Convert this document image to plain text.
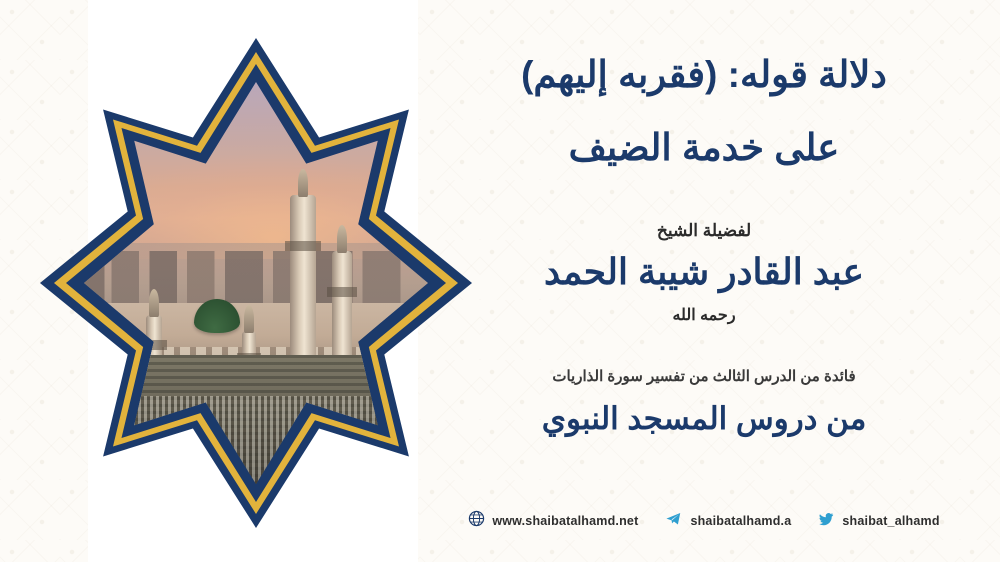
دلالة قوله: (فقربه إليهم)
على خدمة الضيف
لفضيلة الشيخ
عبد القادر شيبة الحمد
رحمه الله
فائدة من الدرس الثالث من تفسير سورة الذاريات
من دروس المسجد النبوي
www.shaibatalhamd.net	shaibatalhamd.a	shaibat_alhamd
